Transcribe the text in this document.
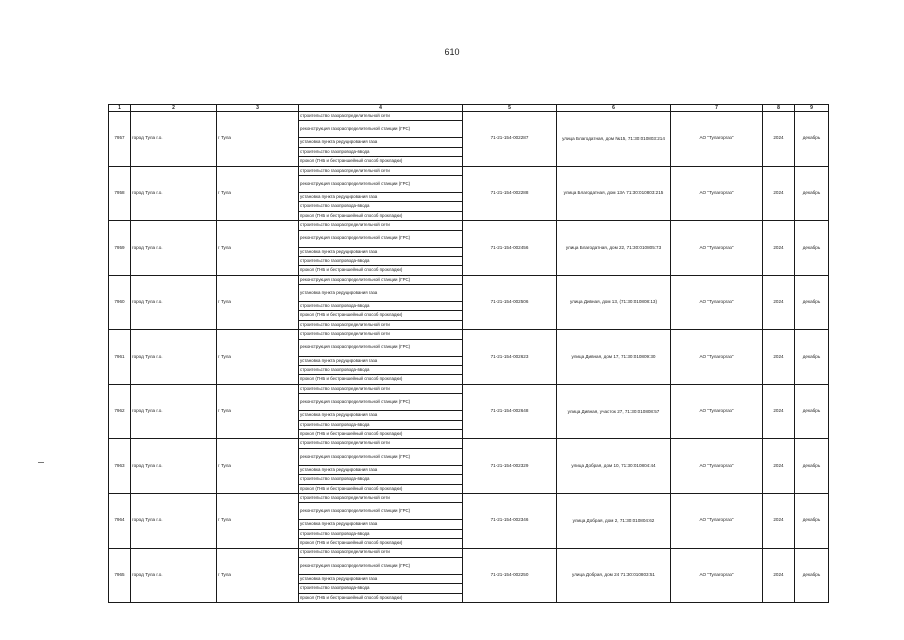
610
1	2	3	4	5	6	7	8	9
7957	город Тула г.о.	г Тула	строительство газораспределительной сети	71-21-154-002287	улица Благодатная, дом №15, 71:30:010803:214	АО "Тулагоргаз"	2024	декабрь
			реконструкция газораспределительной станции (ГРС)					
			установка пункта редуцирования газа					
			строительство газопровода-ввода					
			прокол (ГНБ и бестраншейный способ прокладки)					
7958	город Тула г.о.	г Тула	строительство газораспределительной сети	71-21-154-002288	улица Благодатная, дом 13А 71:30:010803:215	АО "Тулагоргаз"	2024	декабрь
			реконструкция газораспределительной станции (ГРС)					
			установка пункта редуцирования газа					
			строительство газопровода-ввода					
			прокол (ГНБ и бестраншейный способ прокладки)					
7959	город Тула г.о.	г Тула	строительство газораспределительной сети	71-21-154-002456	улица Благодатная, дом 22, 71:30:010805:73	АО "Тулагоргаз"	2024	декабрь
			реконструкция газораспределительной станции (ГРС)					
			установка пункта редуцирования газа					
			строительство газопровода-ввода					
			прокол (ГНБ и бестраншейный способ прокладки)					
7960	город Тула г.о.	г Тула	реконструкция газораспределительной станции (ГРС)	71-21-154-002506	улица Дивная, дом 13, (71:30:010808:13)	АО "Тулагоргаз"	2024	декабрь
			установка пункта редуцирования газа					
			строительство газопровода-ввода					
			прокол (ГНБ и бестраншейный способ прокладки)					
			строительство газораспределительной сети					
7961	город Тула г.о.	г Тула	строительство газораспределительной сети	71-21-154-002623	улица Дивная, дом 17, 71:30:010809:30	АО "Тулагоргаз"	2024	декабрь
			реконструкция газораспределительной станции (ГРС)					
			установка пункта редуцирования газа					
			строительство газопровода-ввода					
			прокол (ГНБ и бестраншейный способ прокладки)					
7962	город Тула г.о.	г Тула	строительство газораспределительной сети	71-21-154-002648	улица Дивная, участок 27, 71:30:010808:57	АО "Тулагоргаз"	2024	декабрь
			реконструкция газораспределительной станции (ГРС)					
			установка пункта редуцирования газа					
			строительство газопровода-ввода					
			прокол (ГНБ и бестраншейный способ прокладки)					
7963	город Тула г.о.	г Тула	строительство газораспределительной сети	71-21-154-002329	улица Добрая, дом 10, 71:30:010804:44	АО "Тулагоргаз"	2024	декабрь
			реконструкция газораспределительной станции (ГРС)					
			установка пункта редуцирования газа					
			строительство газопровода-ввода					
			прокол (ГНБ и бестраншейный способ прокладки)					
7964	город Тула г.о.	г Тула	строительство газораспределительной сети	71-21-154-002346	улица Добрая, дом 2, 71:30:010804:62	АО "Тулагоргаз"	2024	декабрь
			реконструкция газораспределительной станции (ГРС)					
			установка пункта редуцирования газа					
			строительство газопровода-ввода					
			прокол (ГНБ и бестраншейный способ прокладки)					
7965	город Тула г.о.	г Тула	строительство газораспределительной сети	71-21-154-002250	улица Добрая, дом 24 71:30:010803:51	АО "Тулагоргаз"	2024	декабрь
			реконструкция газораспределительной станции (ГРС)					
			установка пункта редуцирования газа					
			строительство газопровода-ввода					
			прокол (ГНБ и бестраншейный способ прокладки)					
